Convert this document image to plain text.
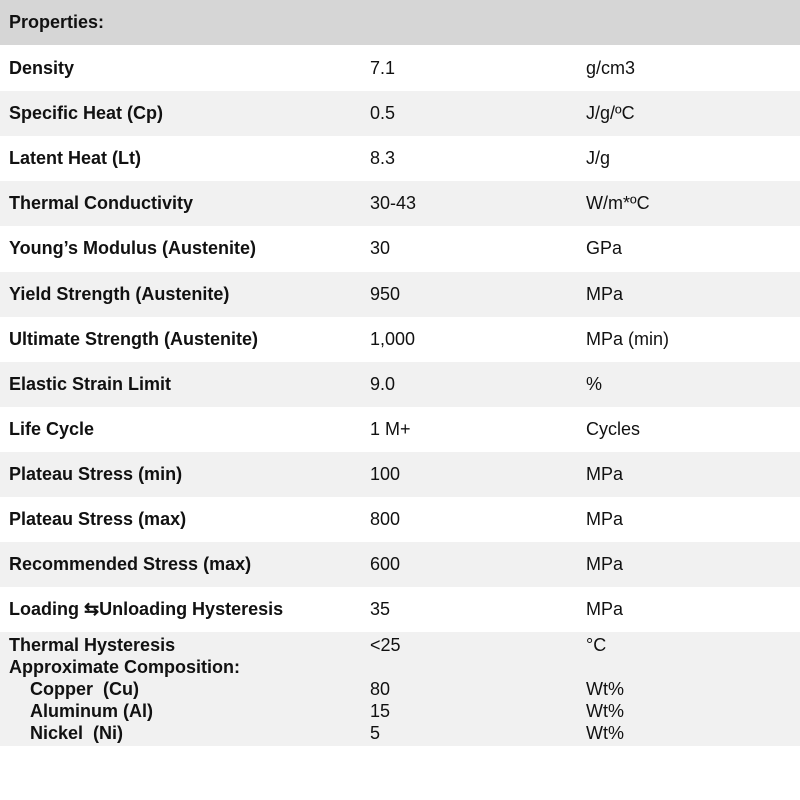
Properties:
Density	7.1	g/cm3
Specific Heat (Cp)	0.5	J/g/ºC
Latent Heat (Lt)	8.3	J/g
Thermal Conductivity	30-43	W/m*ºC
Young’s Modulus (Austenite)	30	GPa
Yield Strength (Austenite)	950	MPa
Ultimate Strength (Austenite)	1,000	MPa (min)
Elastic Strain Limit	9.0	%
Life Cycle	1 M+	Cycles
Plateau Stress (min)	100	MPa
Plateau Stress (max)	800	MPa
Recommended Stress (max)	600	MPa
Loading ⇆Unloading Hysteresis	35	MPa
Thermal Hysteresis	<25	°C
Approximate Composition:
Copper  (Cu)	80	Wt%
Aluminum (Al)	15	Wt%
Nickel  (Ni)	5	Wt%
